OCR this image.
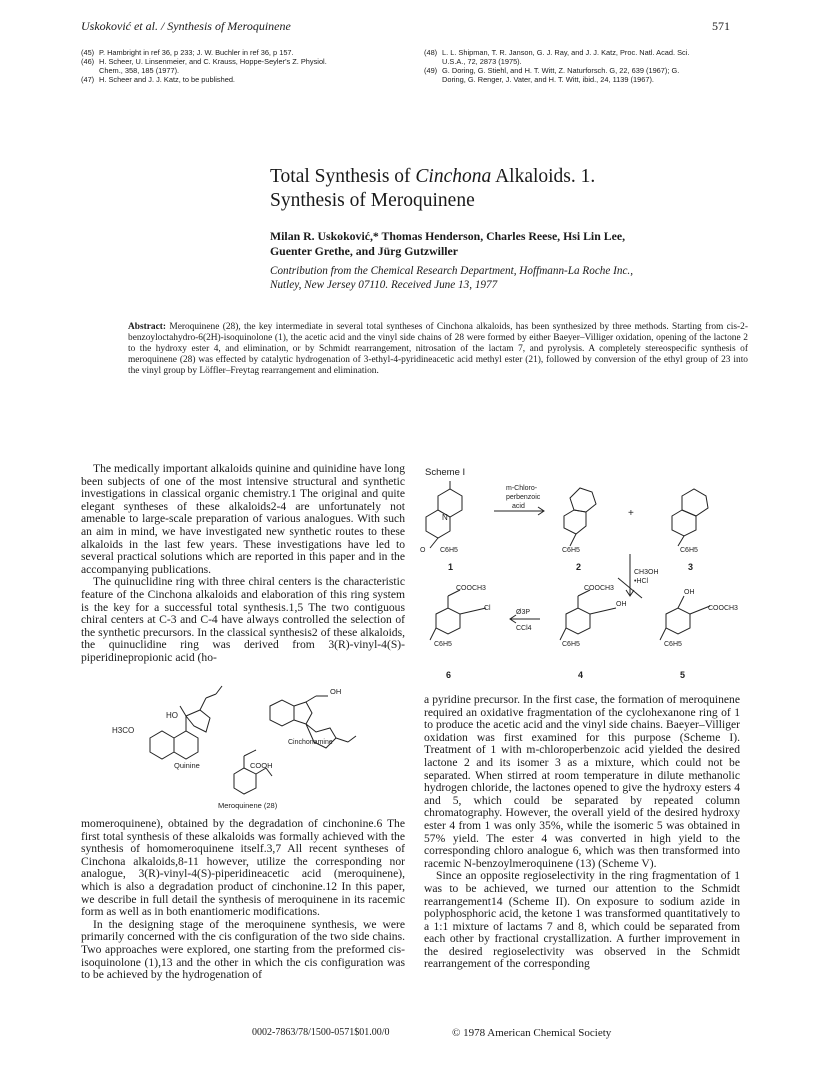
Uskoković et al. / Synthesis of Meroquinene	571
(45) P. Hambright in ref 36, p 233; J. W. Buchler in ref 36, p 157.
(46) H. Scheer, U. Linsenmeier, and C. Krauss, Hoppe-Seyler's Z. Physiol.
Chem., 358, 185 (1977).
(47) H. Scheer and J. J. Katz, to be published.
(48) L. L. Shipman, T. R. Janson, G. J. Ray, and J. J. Katz, Proc. Natl. Acad. Sci.
U.S.A., 72, 2873 (1975).
(49) G. Doring, G. Stiehl, and H. T. Witt, Z. Naturforsch. G, 22, 639 (1967); G.
Doring, G. Renger, J. Vater, and H. T. Witt, ibid., 24, 1139 (1967).
Total Synthesis of Cinchona Alkaloids. 1.
Synthesis of Meroquinene
Milan R. Uskoković,* Thomas Henderson, Charles Reese, Hsi Lin Lee,
Guenter Grethe, and Jürg Gutzwiller
Contribution from the Chemical Research Department, Hoffmann-La Roche Inc.,
Nutley, New Jersey 07110. Received June 13, 1977
Abstract: Meroquinene (28), the key intermediate in several total syntheses of Cinchona alkaloids, has been synthesized by three methods. Starting from cis-2-benzoyloctahydro-6(2H)-isoquinolone (1), the acetic acid and the vinyl side chains of 28 were formed by either Baeyer–Villiger oxidation, opening of the lactone 2 to the hydroxy ester 4, and elimination, or by Schmidt rearrangement, nitrosation of the lactam 7, and pyrolysis. A completely stereospecific synthesis of meroquinene (28) was effected by catalytic hydrogenation of 3-ethyl-4-pyridineacetic acid methyl ester (21), followed by conversion of the ethyl group of 23 into the vinyl group by Löffler–Freytag rearrangement and elimination.

The medically important alkaloids quinine and quinidine have long been subjects of one of the most intensive structural and synthetic investigations in classical organic chemistry.1 The original and quite elegant syntheses of these alkaloids2-4 are unfortunately not amenable to large-scale preparation of various analogues. With such an aim in mind, we have investigated new synthetic routes to these alkaloids in the last few years. These investigations have led to several practical solutions which are reported in this paper and in the accompanying publications.

The quinuclidine ring with three chiral centers is the characteristic feature of the Cinchona alkaloids and elaboration of this ring system is the key for a successful total synthesis.1,5 The two contiguous chiral centers at C-3 and C-4 have always controlled the selection of the synthetic precursors. In the classical synthesis2 of these alkaloids, the quinuclidine ring was derived from 3(R)-vinyl-4(S)-piperidinepropionic acid (ho-

H3CO
HO
COOH
OH
Quinine
Cinchonamine
Meroquinene (28)

momeroquinene), obtained by the degradation of cinchonine.6 The first total synthesis of these alkaloids was formally achieved with the synthesis of homomeroquinene itself.3,7 All recent syntheses of Cinchona alkaloids,8-11 however, utilize the corresponding nor analogue, 3(R)-vinyl-4(S)-piperidineacetic acid (meroquinene), which is also a degradation product of cinchonine.12 In this paper, we describe in full detail the synthesis of meroquinene in its racemic form as well as in both enantiomeric modifications.

In the designing stage of the meroquinene synthesis, we were primarily concerned with the cis configuration of the two side chains. Two approaches were explored, one starting from the preformed cis-isoquinolone (1),13 and the other in which the cis configuration was to be achieved by the hydrogenation of

Scheme I
m-Chloro-
perbenzoic
acid
+
CH3OH
•HCl
Ø3P
CCl4
N
O C6H5	C6H5	C6H5
COOCH3
Cl
COOCH3
OH
OH
COOCH3
C6H5	C6H5	C6H5
1	2	3
6	4	5

a pyridine precursor. In the first case, the formation of meroquinene required an oxidative fragmentation of the cyclohexanone ring of 1 to produce the acetic acid and the vinyl side chains. Baeyer–Villiger oxidation was first examined for this purpose (Scheme I). Treatment of 1 with m-chloroperbenzoic acid yielded the desired lactone 2 and its isomer 3 as a mixture, which could not be separated. When stirred at room temperature in dilute methanolic hydrogen chloride, the lactones opened to give the hydroxy esters 4 and 5, which could be separated by repeated column chromatography. However, the overall yield of the desired hydroxy ester 4 from 1 was only 35%, while the isomeric 5 was obtained in 57% yield. The ester 4 was converted in high yield to the corresponding chloro analogue 6, which was then transformed into racemic N-benzoylmeroquinene (13) (Scheme V).

Since an opposite regioselectivity in the ring fragmentation of 1 was to be achieved, we turned our attention to the Schmidt rearrangement14 (Scheme II). On exposure to sodium azide in polyphosphoric acid, the ketone 1 was transformed quantitatively to a 1:1 mixture of lactams 7 and 8, which could be separated from each other by fractional crystallization. A further improvement in the desired regioselectivity was observed in the Schmidt rearrangement of the corresponding

0002-7863/78/1500-0571$01.00/0	© 1978 American Chemical Society
